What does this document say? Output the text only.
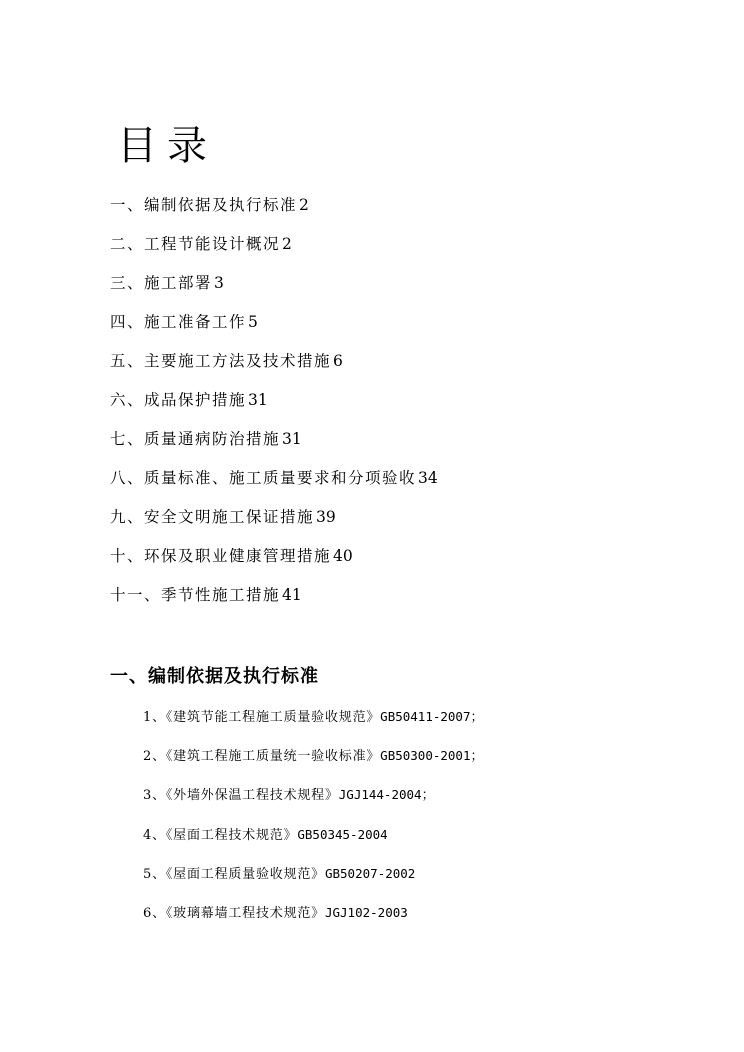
目录
一、编制依据及执行标准 2
二、工程节能设计概况 2
三、施工部署 3
四、施工准备工作 5
五、主要施工方法及技术措施 6
六、成品保护措施 31
七、质量通病防治措施 31
八、质量标准、施工质量要求和分项验收 34
九、安全文明施工保证措施 39
十、环保及职业健康管理措施 40
十一、季节性施工措施 41
一、编制依据及执行标准
1、《建筑节能工程施工质量验收规范》GB50411-2007；
2、《建筑工程施工质量统一验收标准》GB50300-2001；
3、《外墙外保温工程技术规程》JGJ144-2004；
4、《屋面工程技术规范》GB50345-2004
5、《屋面工程质量验收规范》GB50207-2002
6、《玻璃幕墙工程技术规范》JGJ102-2003
